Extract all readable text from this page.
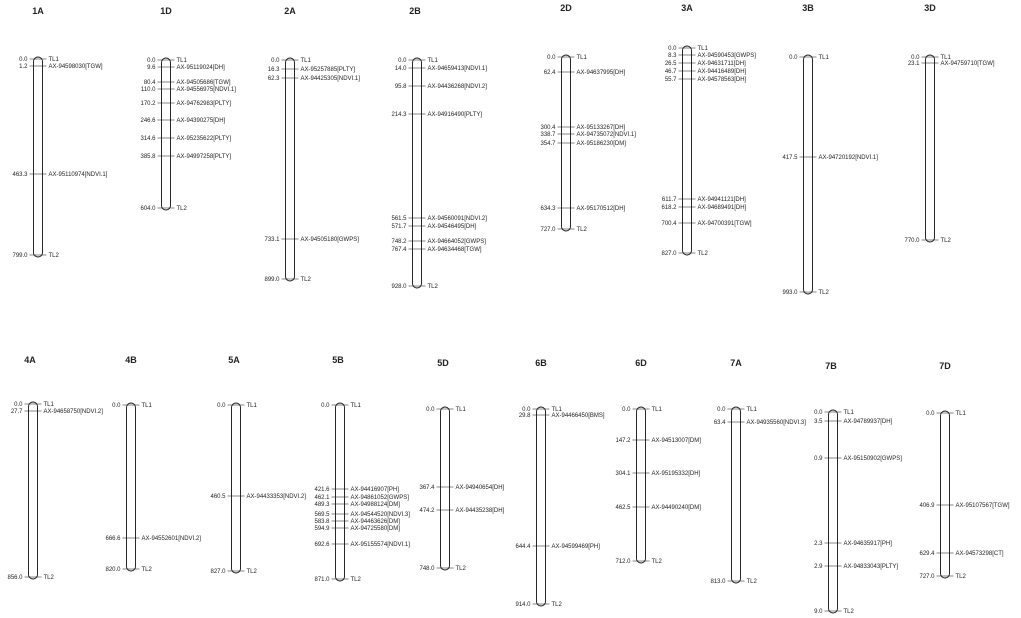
1A
0.0	TL1
1.2	AX-94598030[TGW]
463.3	AX-95110974[NDVI.1]
799.0	TL2
1D
0.0	TL1
9.6	AX-95119024[DH]
80.4	AX-94505686[TGW]
110.0	AX-94556975[NDVI.1]
170.2	AX-94762983[PLTY]
246.6	AX-94390275[DH]
314.6	AX-95235622[PLTY]
385.8	AX-94997258[PLTY]
604.0	TL2
2A
0.0	TL1
16.3	AX-95257885[PLTY]
62.3	AX-94425305[NDVI.1]
733.1	AX-94505180[GWPS]
899.0	TL2
2B
0.0	TL1
14.0	AX-94659413[NDVI.1]
95.8	AX-94436268[NDVI.2]
214.3	AX-94916490[PLTY]
561.5	AX-94560091[NDVI.2]
571.7	AX-94546495[DH]
748.2	AX-94664052[GWPS]
767.4	AX-94634468[TGW]
928.0	TL2
2D
0.0	TL1
62.4	AX-94637995[DH]
300.4	AX-95133267[DH]
338.7	AX-94735072[NDVI.1]
354.7	AX-95186230[DM]
634.3	AX-95170512[DH]
727.0	TL2
3A
0.0	TL1
8.3	AX-94590453[GWPS]
26.5	AX-94631711[DH]
46.7	AX-94416489[DH]
55.7	AX-94578563[DH]
611.7	AX-94941121[DH]
618.2	AX-94689491[DH]
700.4	AX-94700391[TGW]
827.0	TL2
3B
0.0	TL1
417.5	AX-94720192[NDVI.1]
993.0	TL2
3D
0.0	TL1
23.1	AX-94759710[TGW]
770.0	TL2
4A
0.0	TL1
27.7	AX-94658750[NDVI.2]
856.0	TL2
4B
0.0	TL1
666.6	AX-94552601[NDVI.2]
820.0	TL2
5A
0.0	TL1
460.5	AX-94433353[NDVI.2]
827.0	TL2
5B
0.0	TL1
421.6	AX-94416907[PH]
462.1	AX-94861052[GWPS]
489.3	AX-94988124[DM]
569.5	AX-94544520[NDVI.3]
583.8	AX-94463626[DM]
594.9	AX-94725580[DM]
692.6	AX-95155574[NDVI.1]
871.0	TL2
5D
0.0	TL1
367.4	AX-94940654[DH]
474.2	AX-94435238[DH]
748.0	TL2
6B
0.0	TL1
29.8	AX-94466450[BMS]
644.4	AX-94599469[PH]
914.0	TL2
6D
0.0	TL1
147.2	AX-94513007[DM]
304.1	AX-95195332[DH]
462.5	AX-94490240[DM]
712.0	TL2
7A
0.0	TL1
63.4	AX-94935560[NDVI.3]
813.0	TL2
7B
0.0	TL1
3.5	AX-94789937[DH]
0.9	AX-95150902[GWPS]
2.3	AX-94635917[PH]
2.9	AX-94833043[PLTY]
9.0	TL2
7D
0.0	TL1
406.9	AX-95107567[TGW]
629.4	AX-94573298[CT]
727.0	TL2
